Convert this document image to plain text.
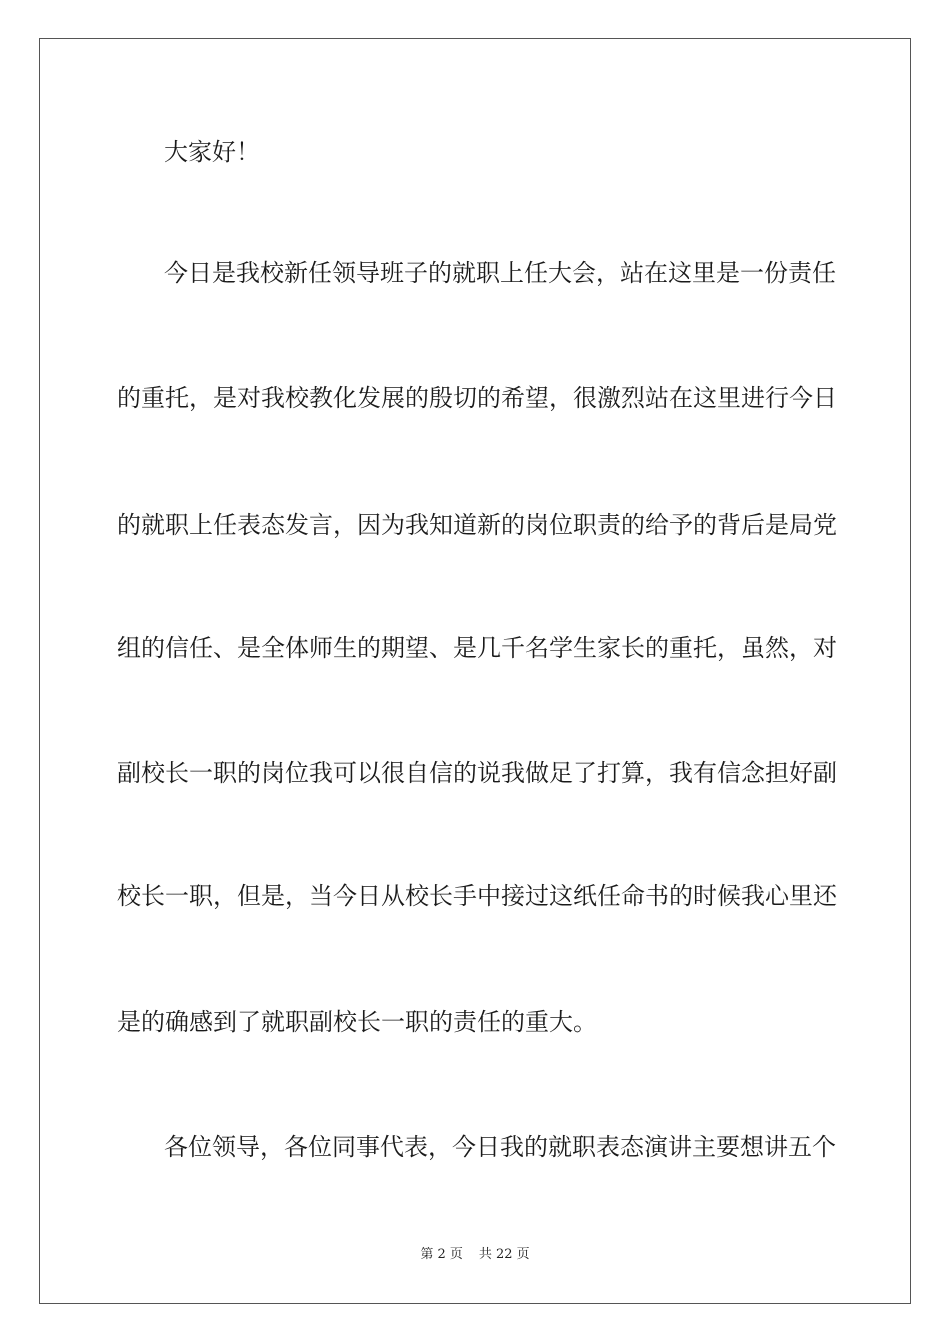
大家好！
今日是我校新任领导班子的就职上任大会，站在这里是一份责任
的重托，是对我校教化发展的殷切的希望，很激烈站在这里进行今日
的就职上任表态发言，因为我知道新的岗位职责的给予的背后是局党
组的信任、是全体师生的期望、是几千名学生家长的重托，虽然，对
副校长一职的岗位我可以很自信的说我做足了打算，我有信念担好副
校长一职，但是，当今日从校长手中接过这纸任命书的时候我心里还
是的确感到了就职副校长一职的责任的重大。
各位领导，各位同事代表，今日我的就职表态演讲主要想讲五个
第 2 页 共 22 页
